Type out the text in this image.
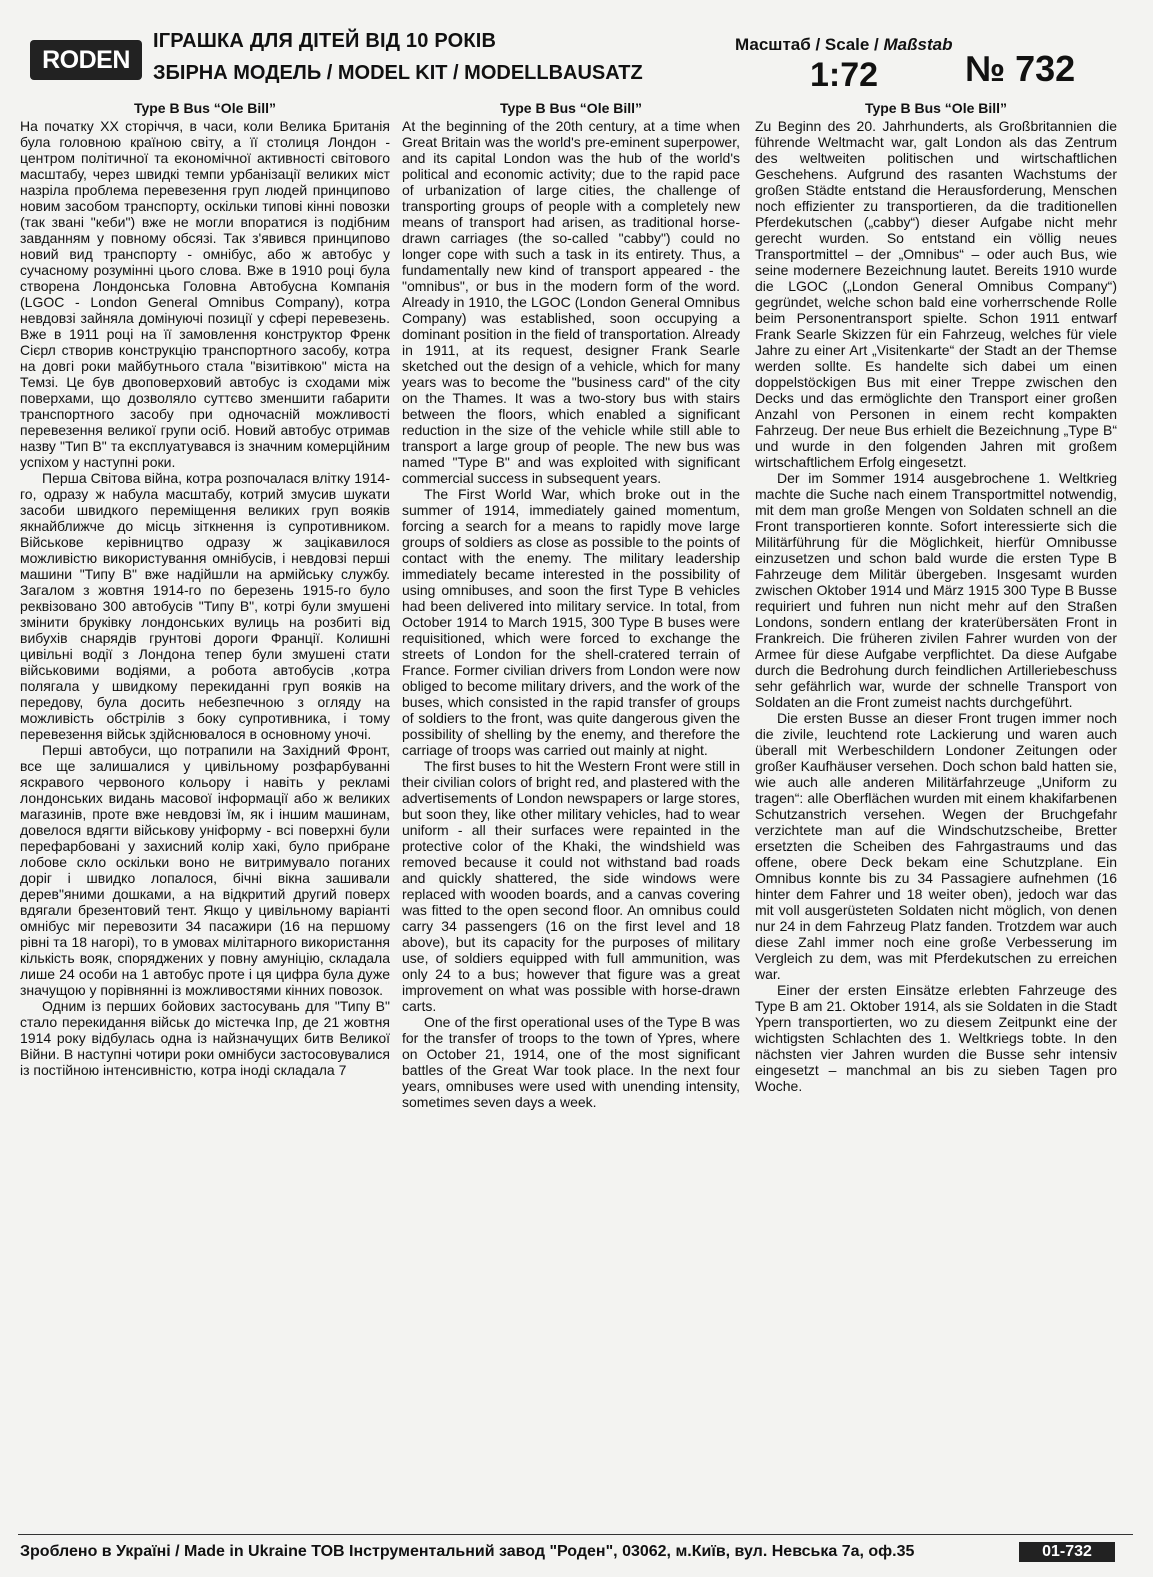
RODEN
ІГРАШКА ДЛЯ ДІТЕЙ ВІД 10 РОКІВ
ЗБІРНА МОДЕЛЬ / MODEL KIT / MODELLBAUSATZ
Масштаб / Scale / Maßstab
1:72 № 732
Type B Bus “Ole Bill”

На початку ХХ сторіччя, в часи, коли Велика Британія була головною країною світу, а її столиця Лондон - центром політичної та економічної активності світового масштабу, через швидкі темпи урбанізації великих міст назріла проблема перевезення груп людей принципово новим засобом транспорту, оскільки типові кінні повозки (так звані "кеби") вже не могли впоратися із подібним завданням у повному обсязі. Так з'явився принципово новий вид транспорту - омнібус, або ж автобус у сучасному розумінні цього слова. Вже в 1910 році була створена Лондонська Головна Автобусна Компанія (LGOC - London General Omnibus Company), котра невдовзі зайняла домінуючі позиції у сфері перевезень. Вже в 1911 році на її замовлення конструктор Френк Сієрл створив конструкцію транспортного засобу, котра на довгі роки майбутнього стала "візитівкою" міста на Темзі. Це був двоповерховий автобус із сходами між поверхами, що дозволяло суттєво зменшити габарити транспортного засобу при одночасній можливості перевезення великої групи осіб. Новий автобус отримав назву "Тип В" та експлуатувався із значним комерційним успіхом у наступні роки.

Перша Світова війна, котра розпочалася влітку 1914-го, одразу ж набула масштабу, котрий змусив шукати засоби швидкого переміщення великих груп вояків якнайближче до місць зіткнення із супротивником. Військове керівництво одразу ж зацікавилося можливістю використування омнібусів, і невдовзі перші машини "Типу В" вже надійшли на армійську службу. Загалом з жовтня 1914-го по березень 1915-го було реквізовано 300 автобусів "Типу В", котрі були змушені змінити бруківку лондонських вулиць на розбиті від вибухів снарядів грунтові дороги Франції. Колишні цивільні водії з Лондона тепер були змушені стати військовими водіями, а робота автобусів ,котра полягала у швидкому перекиданні груп вояків на передову, була досить небезпечною з огляду на можливість обстрілів з боку супротивника, і тому перевезення військ здійснювалося в основному уночі.

Перші автобуси, що потрапили на Західний Фронт, все ще залишалися у цивільному розфарбуванні яскравого червоного кольору і навіть у рекламі лондонських видань масової інформації або ж великих магазинів, проте вже невдовзі їм, як і іншим машинам, довелося вдягти військову уніформу - всі поверхні були перефарбовані у захисний колір хакі, було прибране лобове скло оскільки воно не витримувало поганих доріг і швидко лопалося, бічні вікна зашивали дерев"яними дошками, а на відкритий другий поверх вдягали брезентовий тент. Якщо у цивільному варіанті омнібус міг перевозити 34 пасажири (16 на першому рівні та 18 нагорі), то в умовах мілітарного використання кількість вояк, споряджених у повну амуніцію, складала лише 24 особи на 1 автобус проте і ця цифра була дуже значущою у порівнянні із можливостями кінних повозок.

Одним із перших бойових застосувань для "Типу В" стало перекидання військ до містечка Іпр, де 21 жовтня 1914 року відбулась одна із найзначущих битв Великої Війни. В наступні чотири роки омнібуси застосовувалися із постійною інтенсивністю, котра іноді складала 7

Type B Bus “Ole Bill”

At the beginning of the 20th century, at a time when Great Britain was the world's pre-eminent superpower, and its capital London was the hub of the world's political and economic activity; due to the rapid pace of urbanization of large cities, the challenge of transporting groups of people with a completely new means of transport had arisen, as traditional horse-drawn carriages (the so-called "cabby") could no longer cope with such a task in its entirety. Thus, a fundamentally new kind of transport appeared - the "omnibus", or bus in the modern form of the word. Already in 1910, the LGOC (London General Omnibus Company) was established, soon occupying a dominant position in the field of transportation. Already in 1911, at its request, designer Frank Searle sketched out the design of a vehicle, which for many years was to become the "business card" of the city on the Thames. It was a two-story bus with stairs between the floors, which enabled a significant reduction in the size of the vehicle while still able to transport a large group of people. The new bus was named "Type B" and was exploited with significant commercial success in subsequent years.

The First World War, which broke out in the summer of 1914, immediately gained momentum, forcing a search for a means to rapidly move large groups of soldiers as close as possible to the points of contact with the enemy. The military leadership immediately became interested in the possibility of using omnibuses, and soon the first Type B vehicles had been delivered into military service. In total, from October 1914 to March 1915, 300 Type B buses were requisitioned, which were forced to exchange the streets of London for the shell-cratered terrain of France. Former civilian drivers from London were now obliged to become military drivers, and the work of the buses, which consisted in the rapid transfer of groups of soldiers to the front, was quite dangerous given the possibility of shelling by the enemy, and therefore the carriage of troops was carried out mainly at night.

The first buses to hit the Western Front were still in their civilian colors of bright red, and plastered with the advertisements of London newspapers or large stores, but soon they, like other military vehicles, had to wear uniform - all their surfaces were repainted in the protective color of the Khaki, the windshield was removed because it could not withstand bad roads and quickly shattered, the side windows were replaced with wooden boards, and a canvas covering was fitted to the open second floor. An omnibus could carry 34 passengers (16 on the first level and 18 above), but its capacity for the purposes of military use, of soldiers equipped with full ammunition, was only 24 to a bus; however that figure was a great improvement on what was possible with horse-drawn carts.

One of the first operational uses of the Type B was for the transfer of troops to the town of Ypres, where on October 21, 1914, one of the most significant battles of the Great War took place. In the next four years, omnibuses were used with unending intensity, sometimes seven days a week.

Type B Bus “Ole Bill”

Zu Beginn des 20. Jahrhunderts, als Großbritannien die führende Weltmacht war, galt London als das Zentrum des weltweiten politischen und wirtschaftlichen Geschehens. Aufgrund des rasanten Wachstums der großen Städte entstand die Herausforderung, Menschen noch effizienter zu transportieren, da die traditionellen Pferdekutschen („cabby“) dieser Aufgabe nicht mehr gerecht wurden. So entstand ein völlig neues Transportmittel – der „Omnibus“ – oder auch Bus, wie seine modernere Bezeichnung lautet. Bereits 1910 wurde die LGOC („London General Omnibus Company“) gegründet, welche schon bald eine vorherrschende Rolle beim Personentransport spielte. Schon 1911 entwarf Frank Searle Skizzen für ein Fahrzeug, welches für viele Jahre zu einer Art „Visitenkarte“ der Stadt an der Themse werden sollte. Es handelte sich dabei um einen doppelstöckigen Bus mit einer Treppe zwischen den Decks und das ermöglichte den Transport einer großen Anzahl von Personen in einem recht kompakten Fahrzeug. Der neue Bus erhielt die Bezeichnung „Type B“ und wurde in den folgenden Jahren mit großem wirtschaftlichem Erfolg eingesetzt.

Der im Sommer 1914 ausgebrochene 1. Weltkrieg machte die Suche nach einem Transportmittel notwendig, mit dem man große Mengen von Soldaten schnell an die Front transportieren konnte. Sofort interessierte sich die Militärführung für die Möglichkeit, hierfür Omnibusse einzusetzen und schon bald wurde die ersten Type B Fahrzeuge dem Militär übergeben. Insgesamt wurden zwischen Oktober 1914 und März 1915 300 Type B Busse requiriert und fuhren nun nicht mehr auf den Straßen Londons, sondern entlang der kraterübersäten Front in Frankreich. Die früheren zivilen Fahrer wurden von der Armee für diese Aufgabe verpflichtet. Da diese Aufgabe durch die Bedrohung durch feindlichen Artilleriebeschuss sehr gefährlich war, wurde der schnelle Transport von Soldaten an die Front zumeist nachts durchgeführt.

Die ersten Busse an dieser Front trugen immer noch die zivile, leuchtend rote Lackierung und waren auch überall mit Werbeschildern Londoner Zeitungen oder großer Kaufhäuser versehen. Doch schon bald hatten sie, wie auch alle anderen Militärfahrzeuge „Uniform zu tragen“: alle Oberflächen wurden mit einem khakifarbenen Schutzanstrich versehen. Wegen der Bruchgefahr verzichtete man auf die Windschutzscheibe, Bretter ersetzten die Scheiben des Fahrgastraums und das offene, obere Deck bekam eine Schutzplane. Ein Omnibus konnte bis zu 34 Passagiere aufnehmen (16 hinter dem Fahrer und 18 weiter oben), jedoch war das mit voll ausgerüsteten Soldaten nicht möglich, von denen nur 24 in dem Fahrzeug Platz fanden. Trotzdem war auch diese Zahl immer noch eine große Verbesserung im Vergleich zu dem, was mit Pferdekutschen zu erreichen war.

Einer der ersten Einsätze erlebten Fahrzeuge des Type B am 21. Oktober 1914, als sie Soldaten in die Stadt Ypern transportierten, wo zu diesem Zeitpunkt eine der wichtigsten Schlachten des 1. Weltkriegs tobte. In den nächsten vier Jahren wurden die Busse sehr intensiv eingesetzt – manchmal an bis zu sieben Tagen pro Woche.

Зроблено в Україні / Made in Ukraine ТОВ Інструментальний завод "Роден", 03062, м.Київ, вул. Невська 7а, оф.35	01-732
